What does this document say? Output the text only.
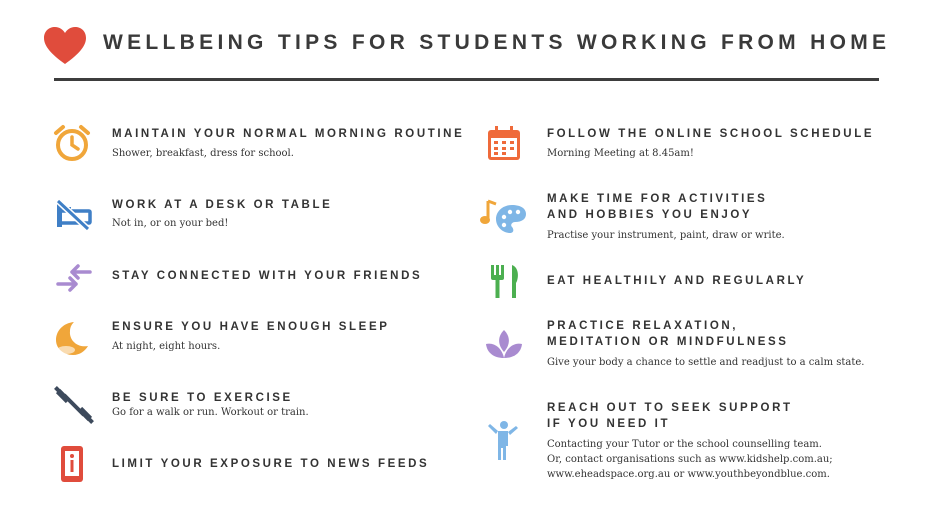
WELLBEING TIPS FOR STUDENTS WORKING FROM HOME
MAINTAIN YOUR NORMAL MORNING ROUTINE
Shower, breakfast, dress for school.
WORK AT A DESK OR TABLE
Not in, or on your bed!
STAY CONNECTED WITH YOUR FRIENDS
ENSURE YOU HAVE ENOUGH SLEEP
At night, eight hours.
BE SURE TO EXERCISE
Go for a walk or run. Workout or train.
LIMIT YOUR EXPOSURE TO NEWS FEEDS
FOLLOW THE ONLINE SCHOOL SCHEDULE
Morning Meeting at 8.45am!
MAKE TIME FOR ACTIVITIES
AND HOBBIES YOU ENJOY
Practise your instrument, paint, draw or write.
EAT HEALTHILY AND REGULARLY
PRACTICE RELAXATION,
MEDITATION OR MINDFULNESS
Give your body a chance to settle and readjust to a calm state.
REACH OUT TO SEEK SUPPORT
IF YOU NEED IT
Contacting your Tutor or the school counselling team.
Or, contact organisations such as www.kidshelp.com.au;
www.eheadspace.org.au or www.youthbeyondblue.com.
